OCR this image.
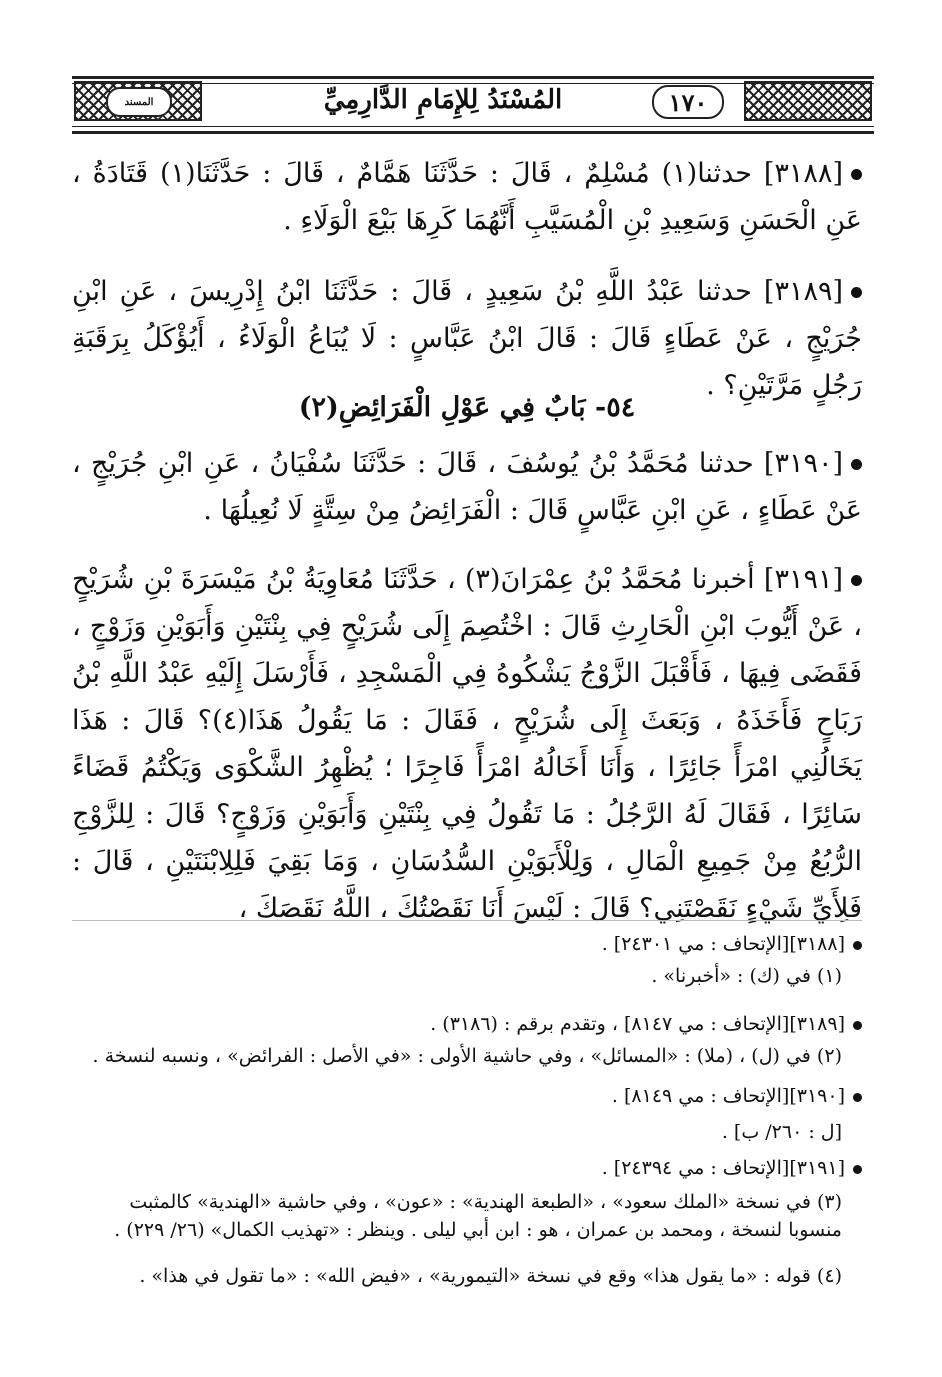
المسند	١٧٠
المُسْنَدُ لِلإِمَامِ الدَّارِمِيِّ
[٣١٨٨] حدثنا(١) مُسْلِمٌ ، قَالَ : حَدَّثَنَا هَمَّامٌ ، قَالَ : حَدَّثَنَا(١) قَتَادَةُ ، عَنِ الْحَسَنِ وَسَعِيدِ بْنِ الْمُسَيَّبِ أَنَّهُمَا كَرِهَا بَيْعَ الْوَلَاءِ .
[٣١٨٩] حدثنا عَبْدُ اللَّهِ بْنُ سَعِيدٍ ، قَالَ : حَدَّثَنَا ابْنُ إِدْرِيسَ ، عَنِ ابْنِ جُرَيْجٍ ، عَنْ عَطَاءٍ قَالَ : قَالَ ابْنُ عَبَّاسٍ : لَا يُبَاعُ الْوَلَاءُ ، أَيُؤْكَلُ بِرَقَبَةِ رَجُلٍ مَرَّتَيْنِ؟ .
٥٤- بَابٌ فِي عَوْلِ الْفَرَائِضِ(٢)
[٣١٩٠] حدثنا مُحَمَّدُ بْنُ يُوسُفَ ، قَالَ : حَدَّثَنَا سُفْيَانُ ، عَنِ ابْنِ جُرَيْجٍ ، عَنْ عَطَاءٍ ، عَنِ ابْنِ عَبَّاسٍ قَالَ : الْفَرَائِضُ مِنْ سِتَّةٍ لَا نُعِيلُهَا .
[٣١٩١] أخبرنا مُحَمَّدُ بْنُ عِمْرَانَ(٣) ، حَدَّثَنَا مُعَاوِيَةُ بْنُ مَيْسَرَةَ بْنِ شُرَيْحٍ ، عَنْ أَيُّوبَ ابْنِ الْحَارِثِ قَالَ : اخْتُصِمَ إِلَى شُرَيْحٍ فِي بِنْتَيْنِ وَأَبَوَيْنِ وَزَوْجٍ ، فَقَضَى فِيهَا ، فَأَقْبَلَ الزَّوْجُ يَشْكُوهُ فِي الْمَسْجِدِ ، فَأَرْسَلَ إِلَيْهِ عَبْدُ اللَّهِ بْنُ رَبَاحٍ فَأَخَذَهُ ، وَبَعَثَ إِلَى شُرَيْحٍ ، فَقَالَ : مَا يَقُولُ هَذَا(٤)؟ قَالَ : هَذَا يَخَالُنِي امْرَأً جَائِرًا ، وَأَنَا أَخَالُهُ امْرَأً فَاجِرًا ؛ يُظْهِرُ الشَّكْوَى وَيَكْتُمُ قَضَاءً سَائِرًا ، فَقَالَ لَهُ الرَّجُلُ : مَا تَقُولُ فِي بِنْتَيْنِ وَأَبَوَيْنِ وَزَوْجٍ؟ قَالَ : لِلزَّوْجِ الرُّبُعُ مِنْ جَمِيعِ الْمَالِ ، وَلِلْأَبَوَيْنِ السُّدُسَانِ ، وَمَا بَقِيَ فَلِلِابْنَتَيْنِ ، قَالَ : فَلِأَيِّ شَيْءٍ نَقَصْتَنِي؟ قَالَ : لَيْسَ أَنَا نَقَصْتُكَ ، اللَّهُ نَقَصَكَ ،
[٣١٨٨][الإتحاف : مي ٢٤٣٠١] .
(١) في (ك) : «أخبرنا» .
[٣١٨٩][الإتحاف : مي ٨١٤٧] ، وتقدم برقم : (٣١٨٦) .
(٢) في (ل) ، (ملا) : «المسائل» ، وفي حاشية الأولى : «في الأصل : الفرائض» ، ونسبه لنسخة .
[٣١٩٠][الإتحاف : مي ٨١٤٩] .
[ل : ٢٦٠/ ب] .
[٣١٩١][الإتحاف : مي ٢٤٣٩٤] .
(٣) في نسخة «الملك سعود» ، «الطبعة الهندية» : «عون» ، وفي حاشية «الهندية» كالمثبت منسوبا لنسخة ، ومحمد بن عمران ، هو : ابن أبي ليلى . وينظر : «تهذيب الكمال» (٢٦/ ٢٢٩) .
(٤) قوله : «ما يقول هذا» وقع في نسخة «التيمورية» ، «فيض الله» : «ما تقول في هذا» .
